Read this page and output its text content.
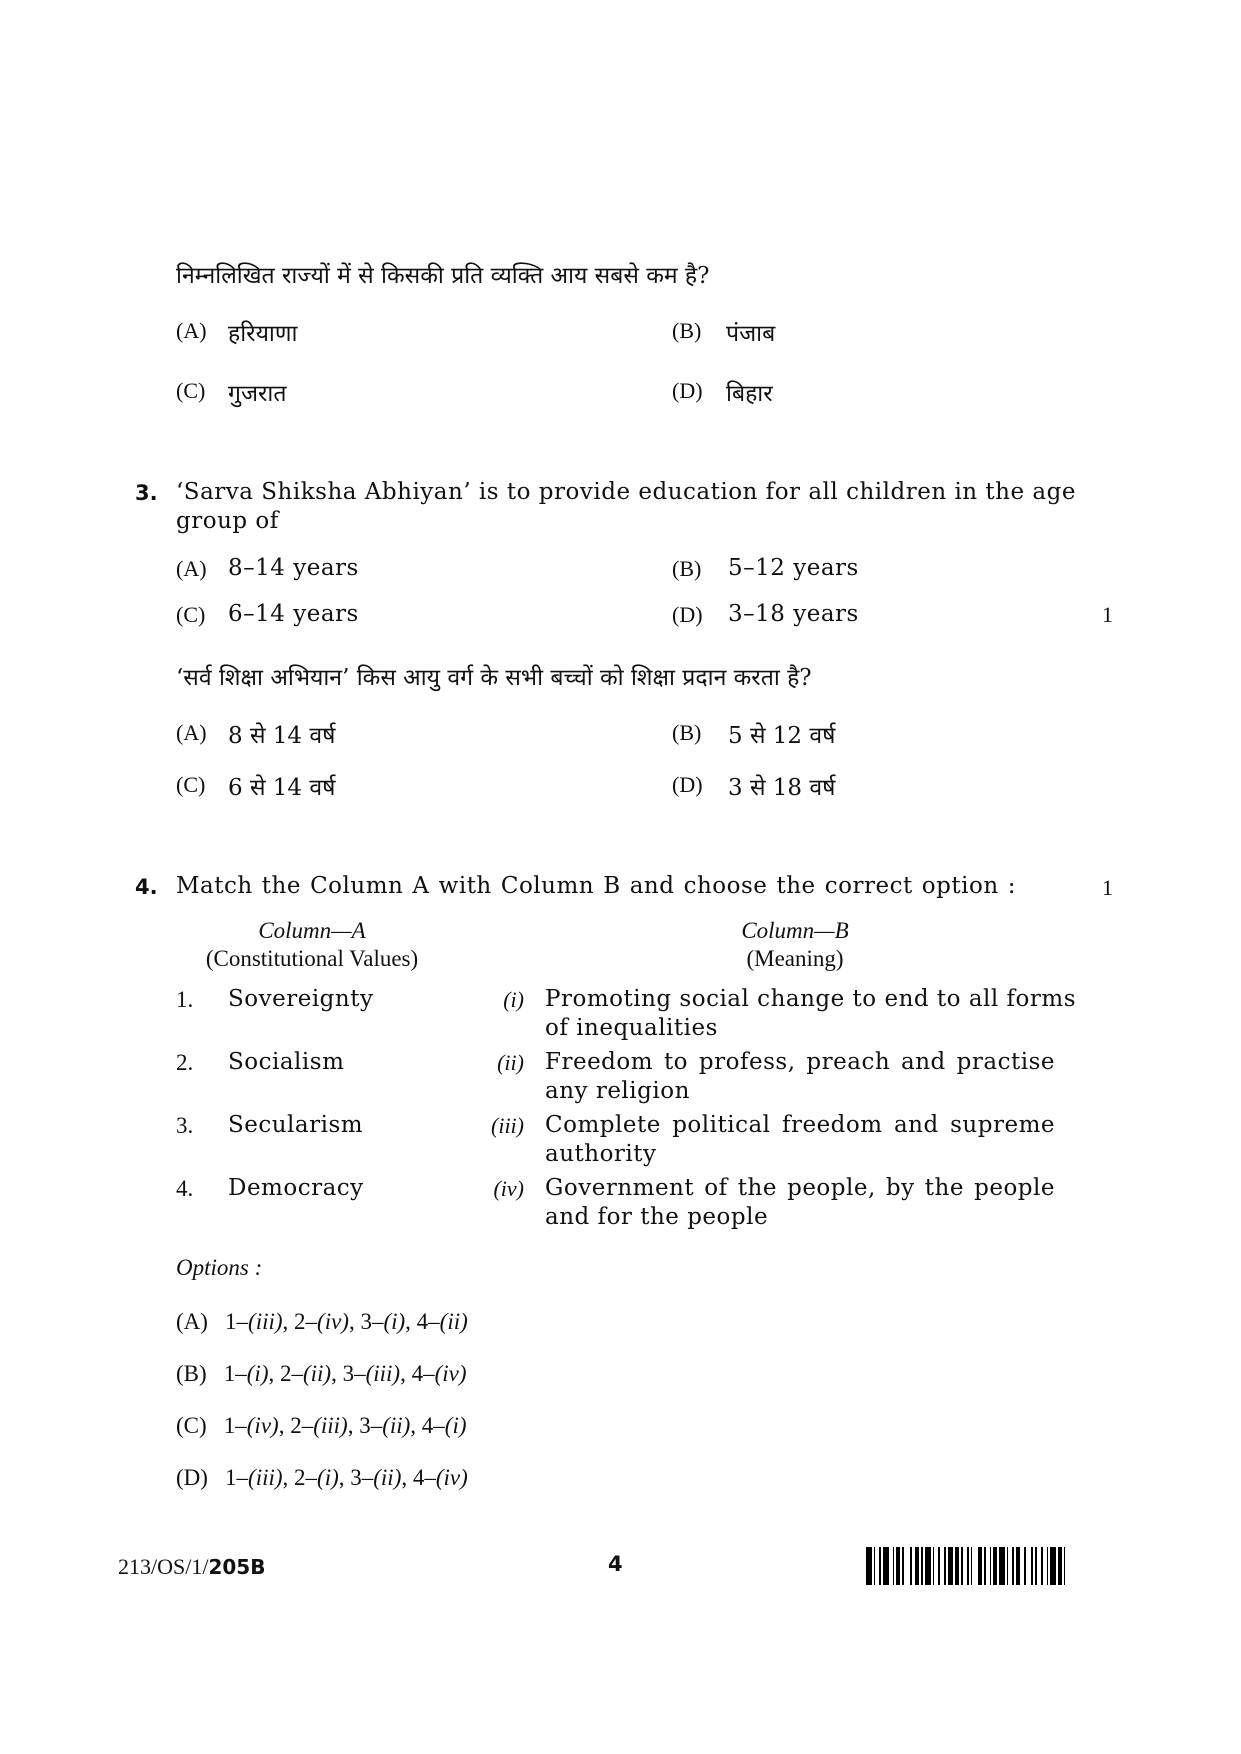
निम्नलिखित राज्यों में से किसकी प्रति व्यक्ति आय सबसे कम है?
(A) हरियाणा	(B) पंजाब
(C) गुजरात	(D) बिहार
3. ‘Sarva Shiksha Abhiyan’ is to provide education for all children in the age
group of
(A) 8–14 years	(B) 5–12 years
(C) 6–14 years	(D) 3–18 years	1
‘सर्व शिक्षा अभियान’ किस आयु वर्ग के सभी बच्चों को शिक्षा प्रदान करता है?
(A) 8 से 14 वर्ष	(B) 5 से 12 वर्ष
(C) 6 से 14 वर्ष	(D) 3 से 18 वर्ष
4. Match the Column A with Column B and choose the correct option :	1
Column—A
(Constitutional Values)
Column—B
(Meaning)
1. Sovereignty	(i) Promoting social change to end to all forms
of inequalities
2. Socialism	(ii) Freedom to profess, preach and practise
any religion
3. Secularism	(iii) Complete political freedom and supreme
authority
4. Democracy	(iv) Government of the people, by the people
and for the people
Options :
(A) 1–(iii), 2–(iv), 3–(i), 4–(ii)
(B) 1–(i), 2–(ii), 3–(iii), 4–(iv)
(C) 1–(iv), 2–(iii), 3–(ii), 4–(i)
(D) 1–(iii), 2–(i), 3–(ii), 4–(iv)
213/OS/1/205B	4
